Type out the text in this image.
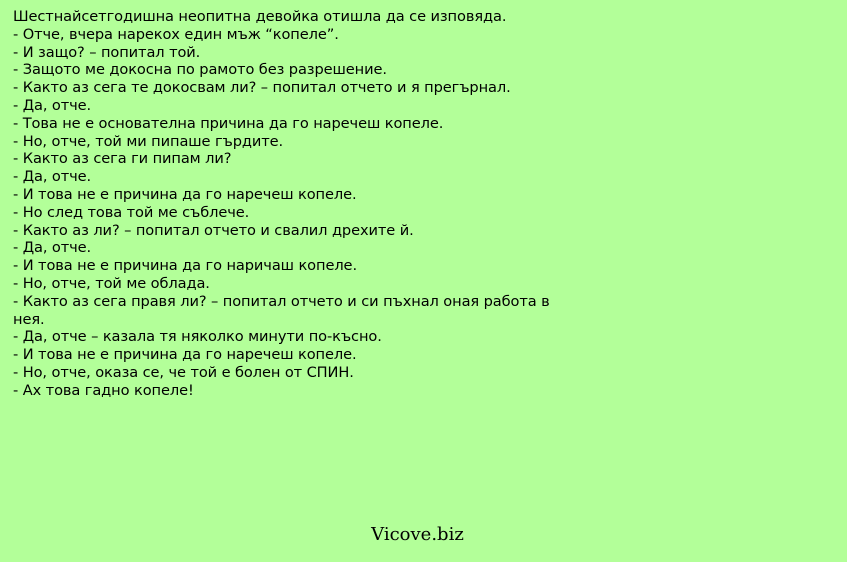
Шестнайсетгодишна неопитна девойка отишла да се изповяда.
- Отче, вчера нарекох един мъж “копеле”.
- И защо? – попитал той.
- Защото ме докосна по рамото без разрешение.
- Както аз сега те докосвам ли? – попитал отчето и я прегърнал.
- Да, отче.
- Това не е основателна причина да го наречеш копеле.
- Но, отче, той ми пипаше гърдите.
- Както аз сега ги пипам ли?
- Да, отче.
- И това не е причина да го наречеш копеле.
- Но след това той ме съблече.
- Както аз ли? – попитал отчето и свалил дрехите й.
- Да, отче.
- И това не е причина да го наричаш копеле.
- Но, отче, той ме облада.
- Както аз сега правя ли? – попитал отчето и си пъхнал оная работа в нея.
- Да, отче – казала тя няколко минути по-късно.
- И това не е причина да го наречеш копеле.
- Но, отче, оказа се, че той е болен от СПИН.
- Ах това гадно копеле!
Vicove.biz
